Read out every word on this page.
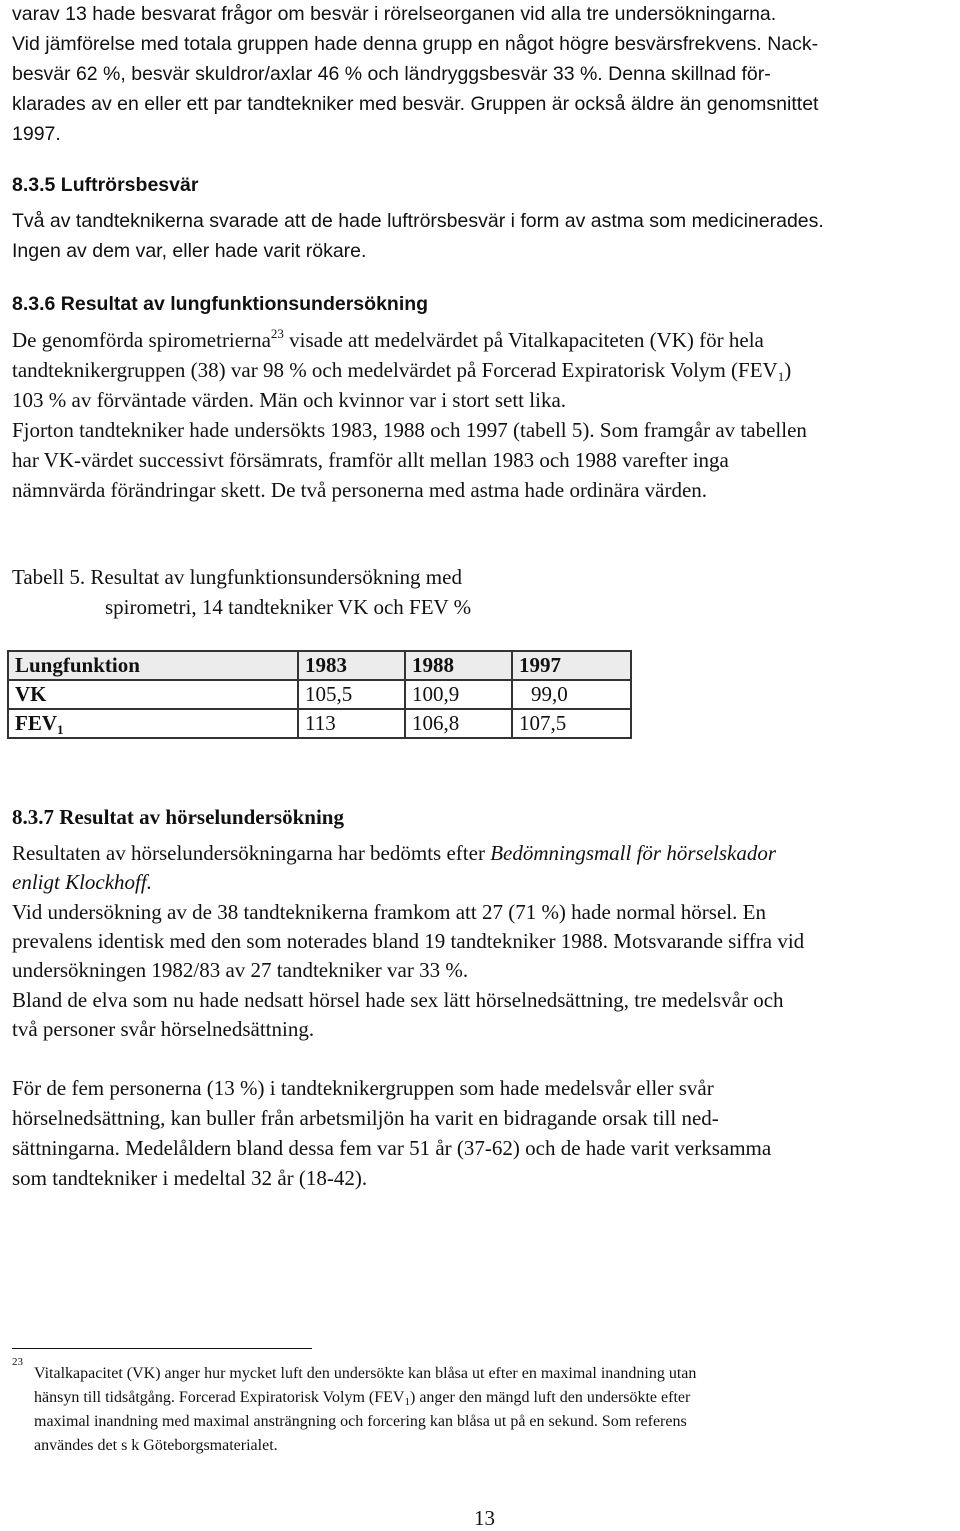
varav 13 hade besvarat frågor om besvär i rörelseorganen vid alla tre undersökningarna.
Vid jämförelse med totala gruppen hade denna grupp en något högre besvärsfrekvens. Nack-
besvär 62 %, besvär skuldror/axlar 46 % och ländryggsbesvär 33 %. Denna skillnad för-
klarades av en eller ett par tandtekniker med besvär. Gruppen är också äldre än genomsnittet
1997.
8.3.5 Luftrörsbesvär
Två av tandteknikerna svarade att de hade luftrörsbesvär i form av astma som medicinerades.
Ingen av dem var, eller hade varit rökare.
8.3.6 Resultat av lungfunktionsundersökning
De genomförda spirometrierna$^{23}$ visade att medelvärdet på Vitalkapaciteten (VK) för hela
tandteknikergruppen (38) var 98 % och medelvärdet på Forcerad Expiratorisk Volym $(FEV_1)$
103 % av förväntade värden. Män och kvinnor var i stort sett lika.
Fjorton tandtekniker hade undersökts 1983, 1988 och 1997 (tabell 5). Som framgår av tabellen
har VK-värdet successivt försämrats, framför allt mellan 1983 och 1988 varefter inga
nämnvärda förändringar skett. De två personerna med astma hade ordinära värden.
Tabell 5. Resultat av lungfunktionsundersökning med
spirometri, 14 tandtekniker VK och FEV %
Lungfunktion	1983	1988	1997
VK	105,5	100,9	99,0
$FEV_1$	113	106,8	107,5
8.3.7 Resultat av hörselundersökning
Resultaten av hörselundersökningarna har bedömts efter Bedömningsmall för hörselskador
enligt Klockhoff.
Vid undersökning av de 38 tandteknikerna framkom att 27 (71 %) hade normal hörsel. En
prevalens identisk med den som noterades bland 19 tandtekniker 1988. Motsvarande siffra vid
undersökningen 1982/83 av 27 tandtekniker var 33 %.
Bland de elva som nu hade nedsatt hörsel hade sex lätt hörselnedsättning, tre medelsvår och
två personer svår hörselnedsättning.
För de fem personerna (13 %) i tandteknikergruppen som hade medelsvår eller svår
hörselnedsättning, kan buller från arbetsmiljön ha varit en bidragande orsak till ned-
sättningarna. Medelåldern bland dessa fem var 51 år (37-62) och de hade varit verksamma
som tandtekniker i medeltal 32 år (18-42).
23
Vitalkapacitet (VK) anger hur mycket luft den undersökte kan blåsa ut efter en maximal inandning utan
hänsyn till tidsåtgång. Forcerad Expiratorisk Volym $(FEV_1)$ anger den mängd luft den undersökte efter
maximal inandning med maximal ansträngning och forcering kan blåsa ut på en sekund. Som referens
användes det s k Göteborgsmaterialet.
13
